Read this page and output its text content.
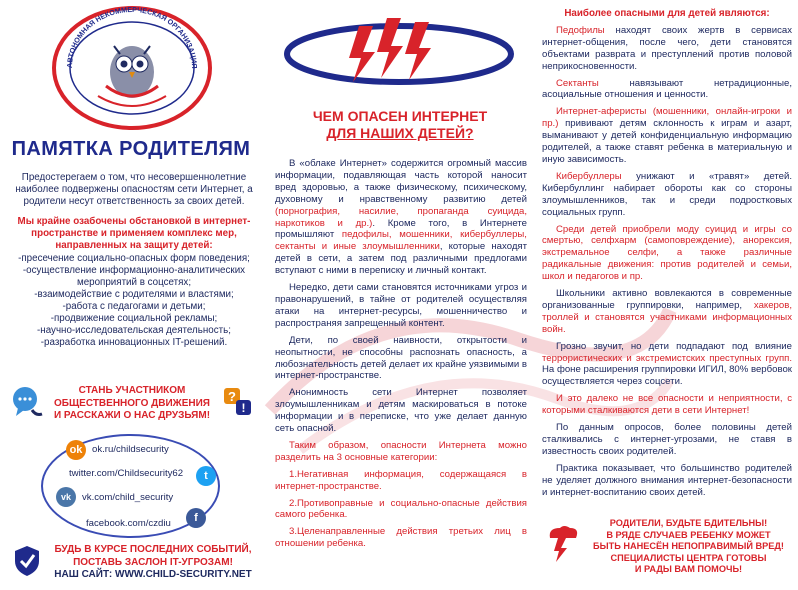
АВТОНОМНАЯ НЕКОММЕРЧЕСКАЯ ОРГАНИЗАЦИЯ
ПАМЯТКА РОДИТЕЛЯМ

Предостерегаем о том, что несовершеннолетние наиболее подвержены опасностям сети Интернет, а родители несут ответственность за своих детей.

Мы крайне озабочены обстановкой в интернет-пространстве и применяем комплекс мер, направленных на защиту детей:

-пресечение социально-опасных форм поведения;
-осуществление информационно-аналитических мероприятий в соцсетях;
-взаимодействие с родителями и властями;
-работа с педагогами и детьми;
-продвижение социальной рекламы;
-научно-исследовательская деятельность;
-разработка инновационных IT-решений.
?
!
СТАНЬ УЧАСТНИКОМ ОБЩЕСТВЕННОГО ДВИЖЕНИЯ И РАССКАЖИ О НАС ДРУЗЬЯМ!
ok ok.ru/childsecurity
twitter.com/Childsecurity62	t
vk	vk.com/child_security
facebook.com/czdiu	f
БУДЬ В КУРСЕ ПОСЛЕДНИХ СОБЫТИЙ,
ПОСТАВЬ ЗАСЛОН IT-УГРОЗАМ!
НАШ САЙТ: WWW.CHILD-SECURITY.NET
ЧЕМ ОПАСЕН ИНТЕРНЕТ
ДЛЯ НАШИХ ДЕТЕЙ?

В «облаке Интернет» содержится огромный массив информации, подавляющая часть которой наносит вред здоровью, а также физическому, психическому, духовному и нравственному развитию детей (порнография, насилие, пропаганда суицида, наркотиков и др.). Кроме того, в Интернете промышляют педофилы, мошенники, кибербуллеры, сектанты и иные злоумышленники, которые находят детей в сети, а затем под различными предлогами вступают с ними в переписку и личный контакт.

Нередко, дети сами становятся источниками угроз и правонарушений, в тайне от родителей осуществляя атаки на интернет-ресурсы, мошенничество и распространяя запрещенный контент.

Дети, по своей наивности, открытости и неопытности, не способны распознать опасность, а любознательность детей делает их крайне уязвимыми в интернет-пространстве.

Анонимность сети Интернет позволяет злоумышленникам и детям маскироваться в потоке информации и в переписке, что уже делает данную сеть опасной.

Таким образом, опасности Интернета можно разделить на 3 основные категории:

1.Негативная информация, содержащаяся в интернет-пространстве.

2.Противоправные и социально-опасные действия самого ребенка.

3.Целенаправленные действия третьих лиц в отношении ребенка.

Наиболее опасными для детей являются:

Педофилы находят своих жертв в сервисах интернет-общения, после чего, дети становятся объектами разврата и преступлений против половой неприкосновенности.

Сектанты навязывают нетрадиционные, асоциальные отношения и ценности.

Интернет-аферисты (мошенники, онлайн-игроки и пр.) прививают детям склонность к играм и азарт, выманивают у детей конфиденциальную информацию родителей, а также ставят ребенка в материальную и иную зависимость.

Кибербуллеры унижают и «травят» детей. Кибербуллинг набирает обороты как со стороны злоумышленников, так и среди подростковых социальных групп.

Среди детей приобрели моду суицид и игры со смертью, селфхарм (самоповреждение), анорексия, экстремальное селфи, а также различные радикальные движения: против родителей и семьи, школ и педагогов и пр.

Школьники активно вовлекаются в современные организованные группировки, например, хакеров, троллей и становятся участниками информационных войн.

Грозно звучит, но дети подпадают под влияние террористических и экстремистских преступных групп. На фоне расширения группировки ИГИЛ, 80% вербовок осуществляется через соцсети.

И это далеко не все опасности и неприятности, с которыми сталкиваются дети в сети Интернет!

По данным опросов, более половины детей сталкивались с интернет-угрозами, не ставя в известность своих родителей.

Практика показывает, что большинство родителей не уделяет должного внимания интернет-безопасности и интернет-воспитанию своих детей.

РОДИТЕЛИ, БУДЬТЕ БДИТЕЛЬНЫ!
В РЯДЕ СЛУЧАЕВ РЕБЕНКУ МОЖЕТ
БЫТЬ НАНЕСЁН НЕПОПРАВИМЫЙ ВРЕД!
СПЕЦИАЛИСТЫ ЦЕНТРА ГОТОВЫ
И РАДЫ ВАМ ПОМОЧЬ!
